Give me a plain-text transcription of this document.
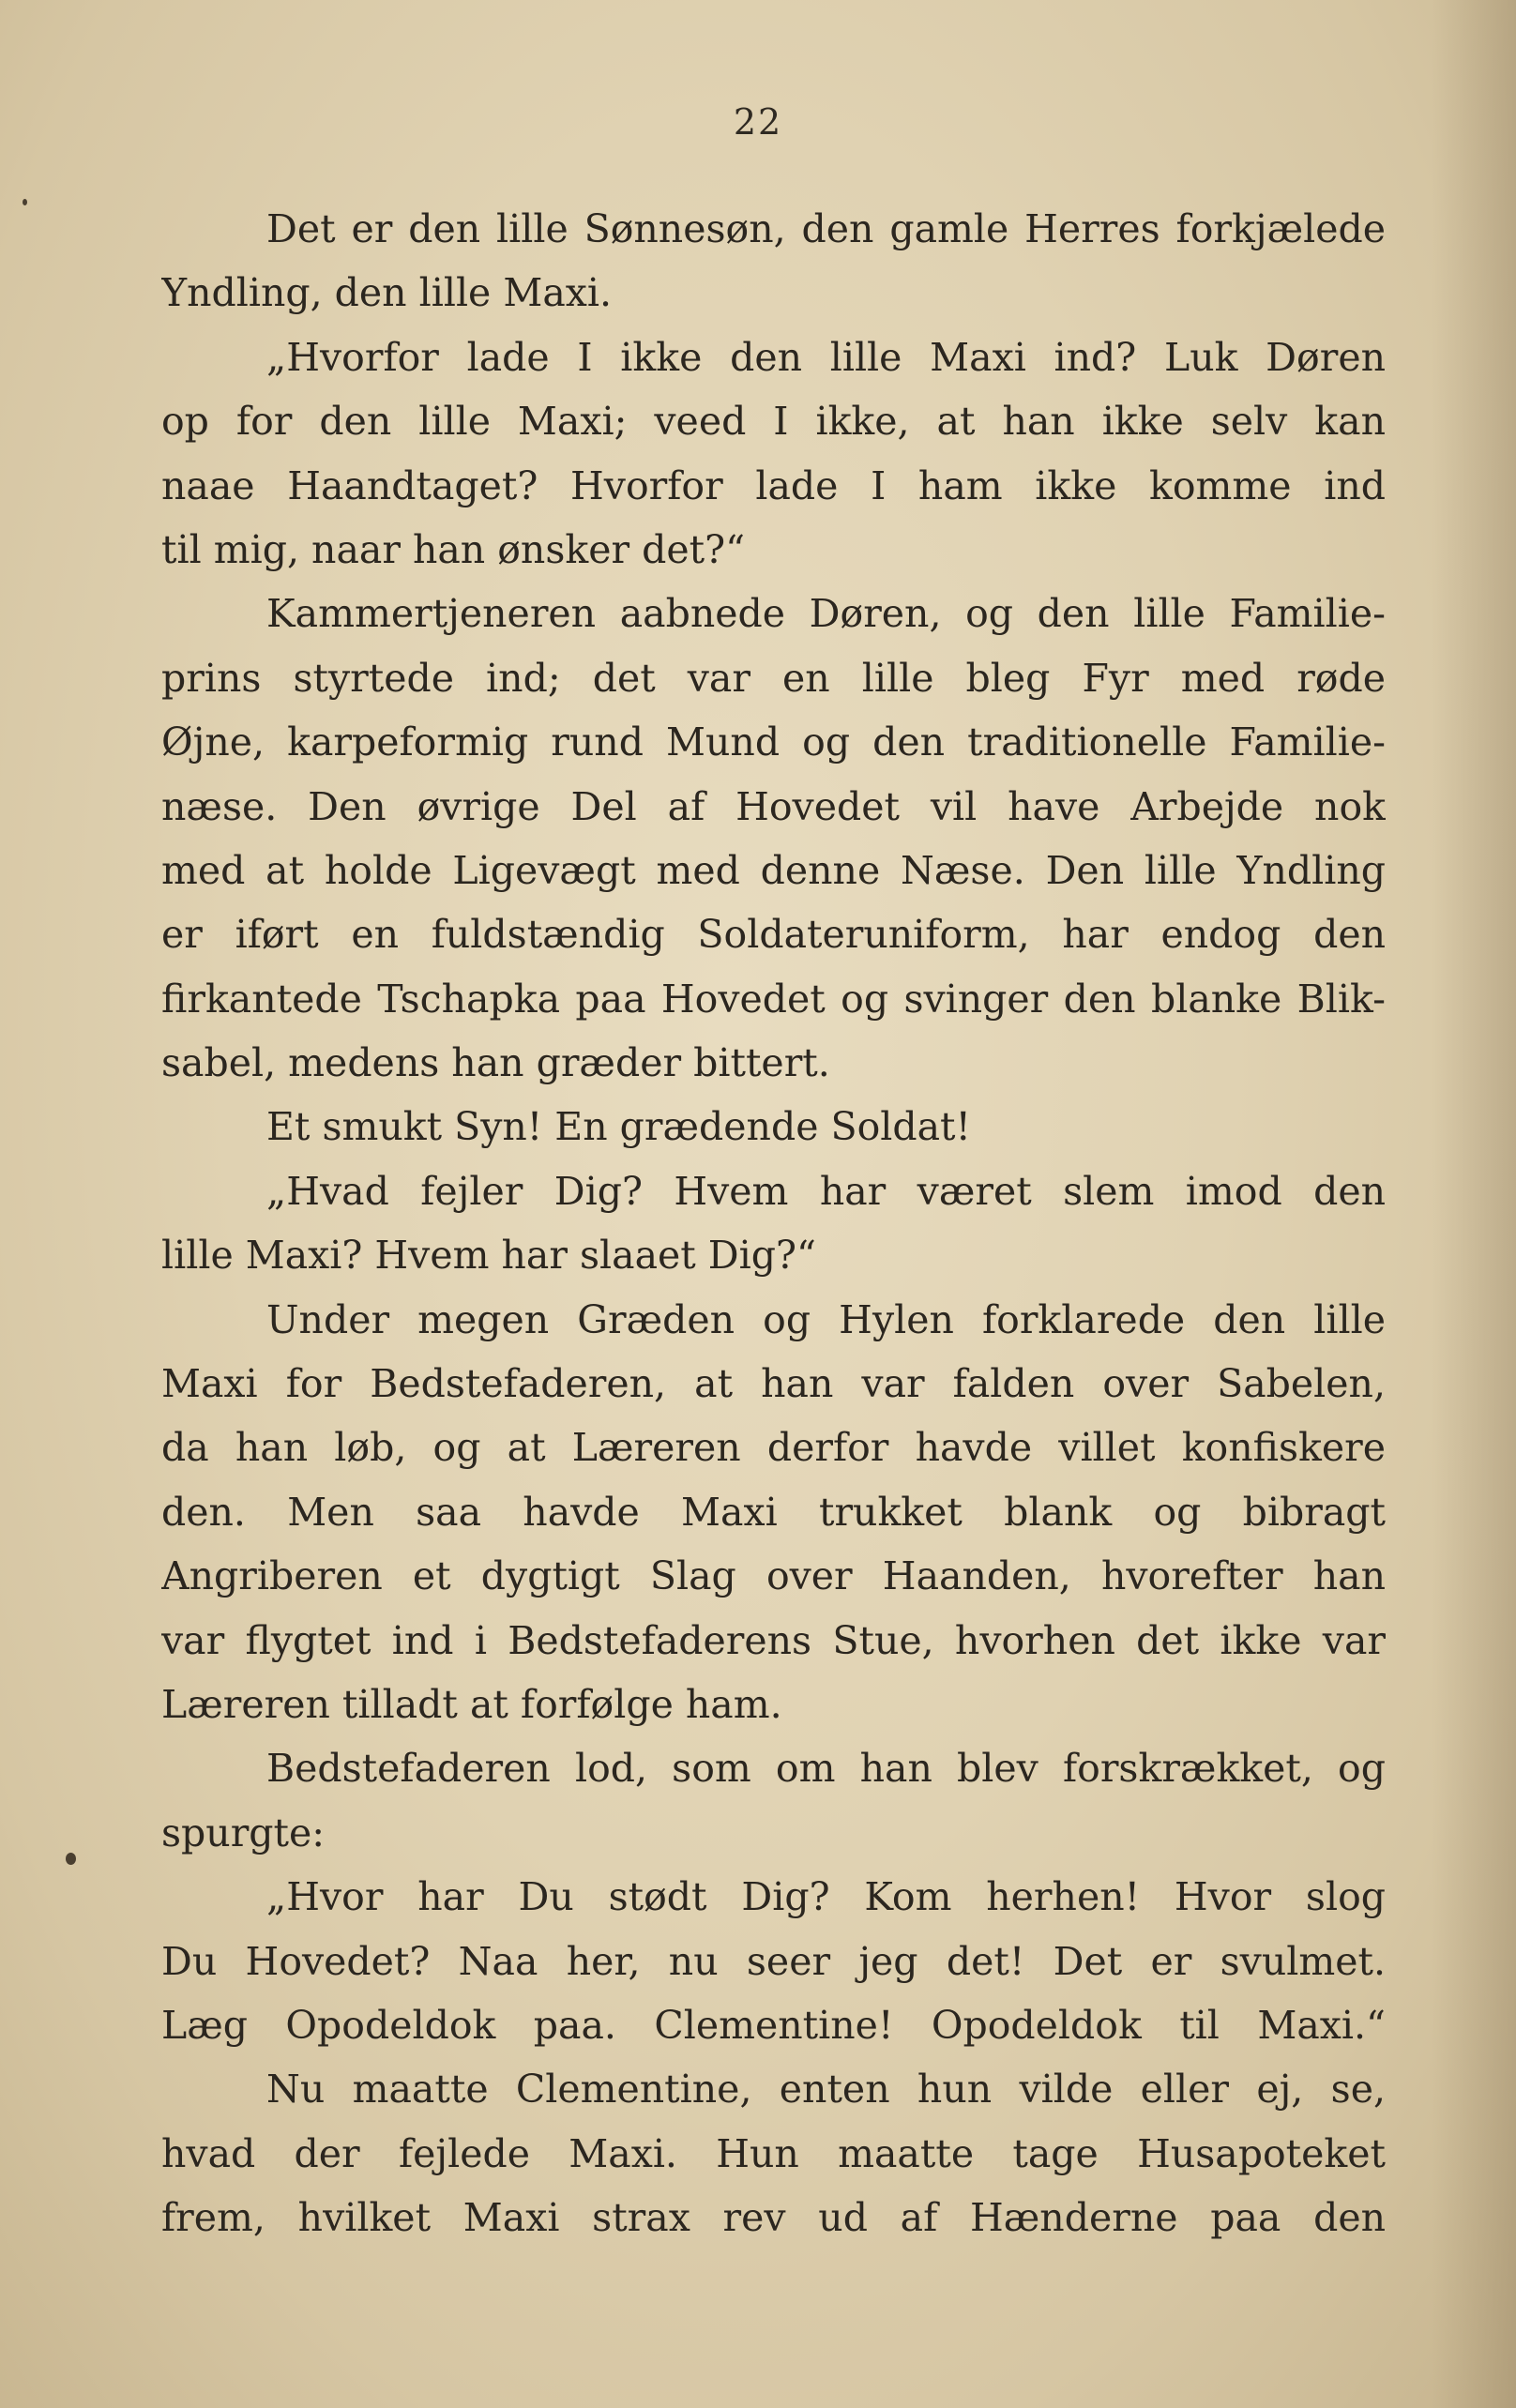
22

Det er den lille Sønnesøn, den gamle Herres forkjælede
Yndling, den lille Maxi.
„Hvorfor lade I ikke den lille Maxi ind? Luk Døren
op for den lille Maxi; veed I ikke, at han ikke selv kan
naae Haandtaget? Hvorfor lade I ham ikke komme ind
til mig, naar han ønsker det?“
Kammertjeneren aabnede Døren, og den lille Familie-
prins styrtede ind; det var en lille bleg Fyr med røde
Øjne, karpeformig rund Mund og den traditionelle Familie-
næse. Den øvrige Del af Hovedet vil have Arbejde nok
med at holde Ligevægt med denne Næse. Den lille Yndling
er iført en fuldstændig Soldateruniform, har endog den
firkantede Tschapka paa Hovedet og svinger den blanke Blik-
sabel, medens han græder bittert.
Et smukt Syn! En grædende Soldat!
„Hvad fejler Dig? Hvem har været slem imod den
lille Maxi? Hvem har slaaet Dig?“
Under megen Græden og Hylen forklarede den lille
Maxi for Bedstefaderen, at han var falden over Sabelen,
da han løb, og at Læreren derfor havde villet konfiskere
den. Men saa havde Maxi trukket blank og bibragt
Angriberen et dygtigt Slag over Haanden, hvorefter han
var flygtet ind i Bedstefaderens Stue, hvorhen det ikke var
Læreren tilladt at forfølge ham.
Bedstefaderen lod, som om han blev forskrækket, og
spurgte:
„Hvor har Du stødt Dig? Kom herhen! Hvor slog
Du Hovedet? Naa her, nu seer jeg det! Det er svulmet.
Læg Opodeldok paa. Clementine! Opodeldok til Maxi.“
Nu maatte Clementine, enten hun vilde eller ej, se,
hvad der fejlede Maxi. Hun maatte tage Husapoteket
frem, hvilket Maxi strax rev ud af Hænderne paa den
